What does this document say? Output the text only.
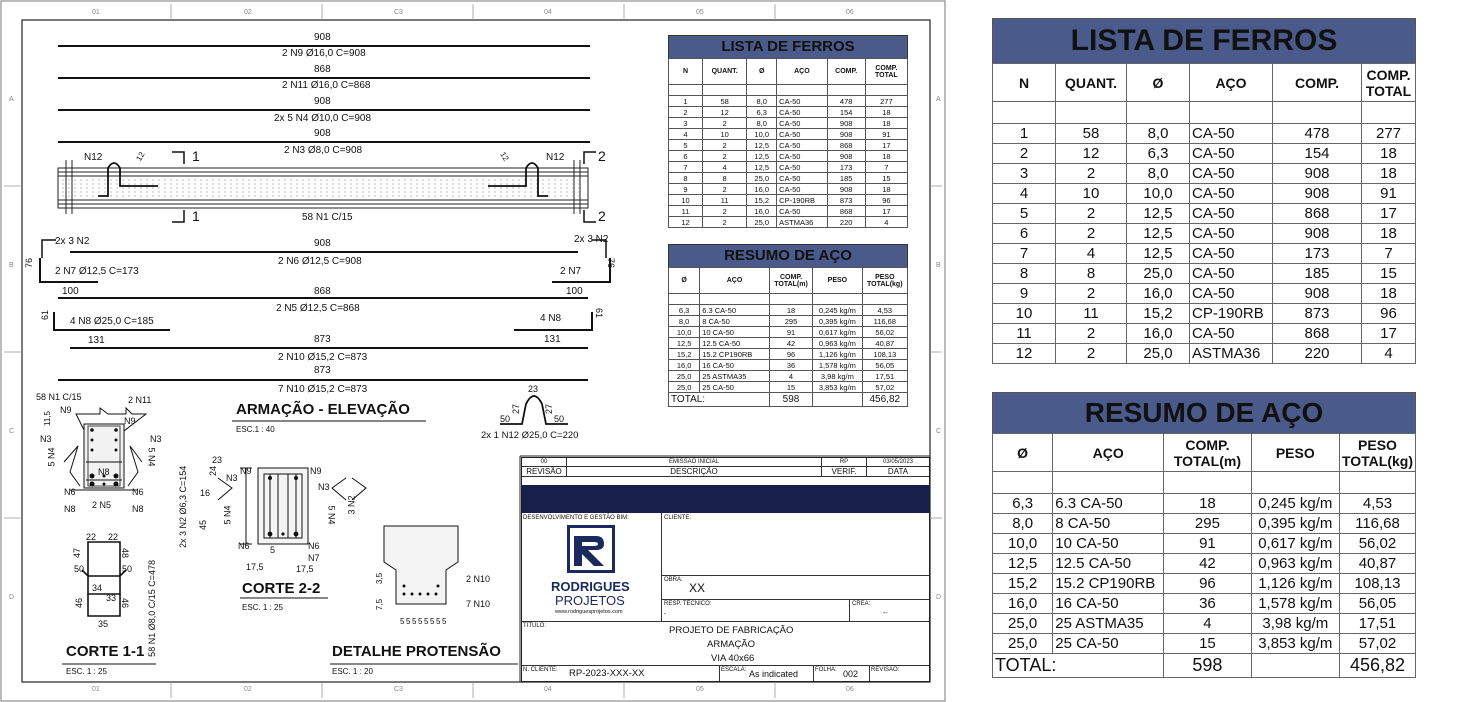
01	02	C3	04	05	06
01	02	C3	04	05	06
A
B
C
D
A
B
C
D
908
2 N9 Ø16,0 C=908
868
2 N11 Ø16,0 C=868
908
2x 5 N4 Ø10,0 C=908
908
2 N3 Ø8,0 C=908
N12	12	N12
12
1
1
2
2
58 N1 C/15
2x 3 N2	2x 3 N2
908
2 N6 Ø12,5 C=908
76	76
2 N7 Ø12,5 C=173	2 N7
100	868	100
2 N5 Ø12,5 C=868
61	61
4 N8 Ø25,0 C=185	4 N8
131	131
873
2 N10 Ø15,2 C=873
873
7 N10 Ø15,2 C=873
ARMAÇÃO - ELEVAÇÃO
ESC.1 : 40
23
50	50
27	27
2x 1 N12 Ø25,0 C=220
58 N1 C/15
N9
2 N11
11,5	N9
N3	N3
5 N4	5 N4
N8
N6	N6
N8 2 N5 N8
22 22
47	48
50	50
34
33
46	46
35	58 N1 Ø8,0 C/15 C=478
CORTE 1-1
ESC. 1 : 25
N9	N9
N3
N3
5 N4	5 N4
N6	N6
N7
5
17,5	17,5
24
16
45
23
2x 3 N2 Ø6,3 C=154	3 N2
CORTE 2-2
ESC. 1 : 25
2 N10
7 N10
3,5
7,5
5 5 5 5 5 5 5 5
DETALHE PROTENSÃO
ESC. 1 : 20
LISTA DE FERROS
N	QUANT.	Ø	AÇO	COMP.	COMP. TOTAL

1	58	8,0	CA-50	478	277
2	12	6,3	CA-50	154	18
3	2	8,0	CA-50	908	18
4	10	10,0	CA-50	908	91
5	2	12,5	CA-50	868	17
6	2	12,5	CA-50	908	18
7	4	12,5	CA-50	173	7
8	8	25,0	CA-50	185	15
9	2	16,0	CA-50	908	18
10	11	15,2	CP-190RB	873	96
11	2	16,0	CA-50	868	17
12	2	25,0	ASTMA36	220	4
RESUMO DE AÇO
Ø	AÇO	COMP. TOTAL(m)	PESO	PESO TOTAL(kg)

6,3	6.3 CA-50	18	0,245 kg/m	4,53
8,0	8 CA-50	295	0,395 kg/m	116,68
10,0	10 CA-50	91	0,617 kg/m	56,02
12,5	12.5 CA-50	42	0,963 kg/m	40,87
15,2	15.2 CP190RB	96	1,126 kg/m	108,13
16,0	16 CA-50	36	1,578 kg/m	56,05
25,0	25 ASTMA35	4	3,98 kg/m	17,51
25,0	25 CA-50	15	3,853 kg/m	57,02
TOTAL:		598		456,82
00	EMISSÃO INICIAL	RP	03/05/2023
REVISÃO	DESCRIÇÃO	VERIF.	DATA
DESENVOLVIMENTO E GESTÃO BIM:
RODRIGUES
PROJETOS
www.rodriguesprojetos.com
CLIENTE:
OBRA:
XX
RESP. TÉCNICO:
-
CREA:
--
TÍTULO:	PROJETO DE FABRICAÇÃO
ARMAÇÃO
VIA 40x66
N. CLIENTE: RP-2023-XXX-XX	ESCALA: As indicated	FOLHA: 002 REVISÃO:
LISTA DE FERROS
N	QUANT.	Ø	AÇO	COMP.	COMP. TOTAL

1	58	8,0	CA-50	478	277
2	12	6,3	CA-50	154	18
3	2	8,0	CA-50	908	18
4	10	10,0	CA-50	908	91
5	2	12,5	CA-50	868	17
6	2	12,5	CA-50	908	18
7	4	12,5	CA-50	173	7
8	8	25,0	CA-50	185	15
9	2	16,0	CA-50	908	18
10	11	15,2	CP-190RB	873	96
11	2	16,0	CA-50	868	17
12	2	25,0	ASTMA36	220	4
RESUMO DE AÇO
Ø	AÇO	COMP. TOTAL(m)	PESO	PESO TOTAL(kg)

6,3	6.3 CA-50	18	0,245 kg/m	4,53
8,0	8 CA-50	295	0,395 kg/m	116,68
10,0	10 CA-50	91	0,617 kg/m	56,02
12,5	12.5 CA-50	42	0,963 kg/m	40,87
15,2	15.2 CP190RB	96	1,126 kg/m	108,13
16,0	16 CA-50	36	1,578 kg/m	56,05
25,0	25 ASTMA35	4	3,98 kg/m	17,51
25,0	25 CA-50	15	3,853 kg/m	57,02
TOTAL:		598		456,82
